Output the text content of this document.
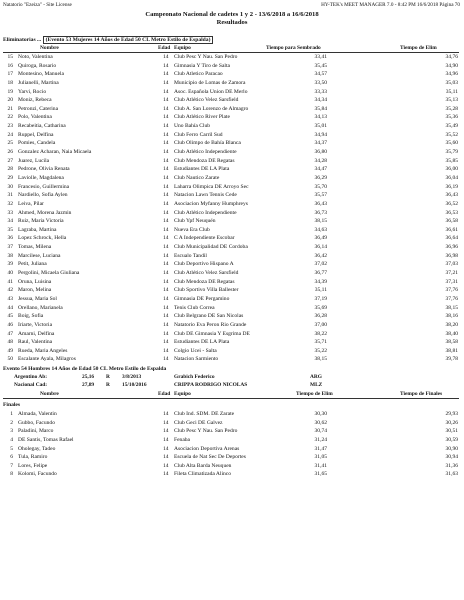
Natatorio "Ezeiza" - Site License	HY-TEK's MEET MANAGER 7.0 - 8:42 PM 16/6/2018 Página 70
Campeonato Nacional de cadetes 1 y 2 - 13/6/2018 a 16/6/2018
Resultados
Eliminatorias ... (Evento 53 Mujeres 14 Años de Edad 50 CL Metro Estilo de Espalda)
Nombre	Edad Equipo	Tiempo para Sembrado	Tiempo de Elim
15 Noto, Valentina	14 Club Pesc Y Nau. San Pedro	33,41	34,76
16 Quiroga, Rosario	14 Gimnasia Y Tiro de Salta	35,45	34,90
17 Montesino, Manuela	14 Club Atletico Paracao	34,57	34,96
18 Julianelli, Martina	14 Municipio de Lomas de Zamora	33,50	35,03
19 Yarvi, Rocio	14 Asoc. Española Union DE Merlo	33,33	35,11
20 Moniz, Rebeca	14 Club Atlético Velez Sarsfield	34,34	35,13
21 Petronzi, Caterina	14 Club A. San Lorenzo de Almagro	35,84	35,28
22 Polo, Valentina	14 Club Atlético River Plate	34,13	35,36
23 Recabeitia, Catharina	14 Uno Bahía Club	35,01	35,49
24 Ruppel, Delfina	14 Club Ferro Carril Sud	34,94	35,52
25 Pomies, Candela	14 Club Olimpo de Bahía Blanca	34,37	35,60
26 Gonzalez Acharan, Naia Micaela	14 Club Atlético Independiente	36,80	35,79
27 Juarez, Lucila	14 Club Mendoza DE Regatas	34,28	35,85
28 Pedrone, Olivia Renata	14 Estudiantes DE LA Plata	34,47	36,00
29 Laviolle, Magdalena	14 Club Nautico Zarate	36,29	36,04
30 Francesio, Guillermina	14 Laharra Olimpica DE Arroyo Sec	35,70	36,19
31 Nardiello, Sofia Aylen	14 Natacion Lawn Tennis Cede	35,57	36,43
32 Leiva, Pilar	14 Asociacion Myfanny Humphreys	36,43	36,52
33 Ahmed, Morena Jazmin	14 Club Atlético Independiente	36,73	36,53
34 Ruiz, Maria Victoria	14 Club Ypf Neuquén	38,15	36,58
35 Lagraba, Martina	14 Nueva Era Club	34,63	36,61
36 Lopez Schrock, Hella	14 C A Independiente Escobar	36,49	36,64
37 Tomas, Milena	14 Club Municipalidad DE Cordoba	36,14	36,96
38 Marcilese, Luciana	14 Escualo Tandil	36,42	36,98
39 Petit, Juliana	14 Club Deportivo Hispano A	37,02	37,03
40 Pergolini, Micaela Giuliana	14 Club Atlético Velez Sarsfield	36,77	37,21
41 Oruna, Luisina	14 Club Mendoza DE Regatas	34,39	37,31
42 Maron, Melina	14 Club Sportivo Villa Ballester	35,11	37,76
43 Jessua, Maria Sol	14 Gimnasia DE Pergamino	37,19	37,76
44 Orellano, Marianela	14 Tenis Club Correa	35,69	38,15
45 Boig, Sofia	14 Club Belgrano DE San Nicolas	36,28	38,16
46 Iriarte, Victoria	14 Natatorio Eva Peron Rio Grande	37,00	38,20
47 Amarni, Delfina	14 Club DE Gimnasia Y Esgrima DE	38,22	38,40
48 Raul, Valentina	14 Estudiantes DE LA Plata	35,71	38,58
49 Rueda, Maria Angeles	14 Colgio Ucei - Salta	35,22	38,81
50 Escalante Ayala, Milagros	14 Natacion Sarmiento	38,15	39,78
Evento 54 Hombres 14 Años de Edad 50 CL Metro Estilo de Espalda
Argentino Ab:	25,16 R 3/8/2013	Grabich Federico	ARG
Nacional Cad:	27,89 R 15/10/2016	CRIPPA RODRIGO NICOLAS	MLZ
Nombre	Edad Equipo	Tiempo de Elim	Tiempo de Finales
Finales
1 Almada, Valentin	14 Club Ind. SDM. DE Zarate	30,30	29,93
2 Gubbo, Facundo	14 Club Geci DE Galvez	30,62	30,26
3 Paladini, Marco	14 Club Pesc Y Nau. San Pedro	30,74	30,51
4 DE Santis, Tomas Rafael	14 Fenaba	31,24	30,59
5 Oholegay, Tadeo	14 Asociacion Deportiva Arenas	31,47	30,90
6 Tula, Ramiro	14 Escuela de Nat Sec De Deportes	31,05	30,94
7 Lores, Felipe	14 Club Alta Barda Neuquen	31,41	31,36
8 Kolomi, Facundo	14 Fileta Climatizada Alinco	31,65	31,63
